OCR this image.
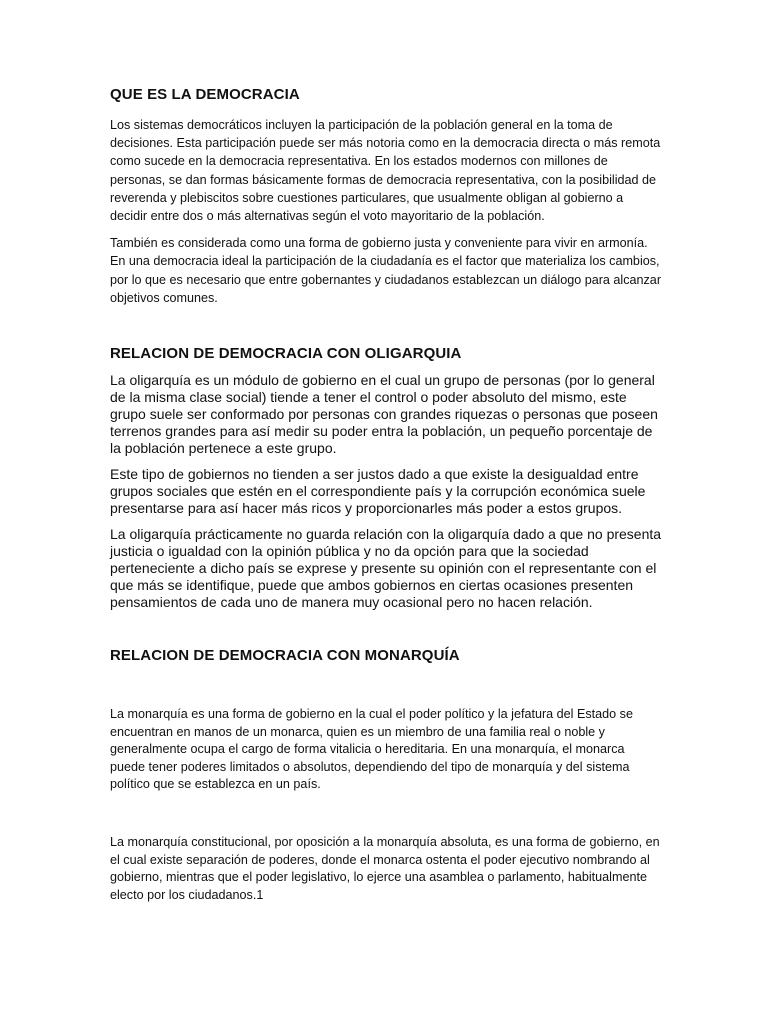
QUE ES LA DEMOCRACIA

Los sistemas democráticos incluyen la participación de la población general en la toma de decisiones. Esta participación puede ser más notoria como en la democracia directa o más remota como sucede en la democracia representativa. En los estados modernos con millones de personas, se dan formas básicamente formas de democracia representativa, con la posibilidad de reverenda y plebiscitos sobre cuestiones particulares, que usualmente obligan al gobierno a decidir entre dos o más alternativas según el voto mayoritario de la población.

También es considerada como una forma de gobierno justa y conveniente para vivir en armonía. En una democracia ideal la participación de la ciudadanía es el factor que materializa los cambios, por lo que es necesario que entre gobernantes y ciudadanos establezcan un diálogo para alcanzar objetivos comunes.

RELACION DE DEMOCRACIA CON OLIGARQUIA

La oligarquía es un módulo de gobierno en el cual un grupo de personas (por lo general de la misma clase social) tiende a tener el control o poder absoluto del mismo, este grupo suele ser conformado por personas con grandes riquezas o personas que poseen terrenos grandes para así medir su poder entra la población, un pequeño porcentaje de la población pertenece a este grupo.

Este tipo de gobiernos no tienden a ser justos dado a que existe la desigualdad entre grupos sociales que estén en el correspondiente país y la corrupción económica suele presentarse para así hacer más ricos y proporcionarles más poder a estos grupos.

La oligarquía prácticamente no guarda relación con la oligarquía dado a que no presenta justicia o igualdad con la opinión pública y no da opción para que la sociedad perteneciente a dicho país se exprese y presente su opinión con el representante con el que más se identifique, puede que ambos gobiernos en ciertas ocasiones presenten pensamientos de cada uno de manera muy ocasional pero no hacen relación.

RELACION DE DEMOCRACIA CON MONARQUÍA

La monarquía es una forma de gobierno en la cual el poder político y la jefatura del Estado se encuentran en manos de un monarca, quien es un miembro de una familia real o noble y generalmente ocupa el cargo de forma vitalicia o hereditaria. En una monarquía, el monarca puede tener poderes limitados o absolutos, dependiendo del tipo de monarquía y del sistema político que se establezca en un país.

La monarquía constitucional, por oposición a la monarquía absoluta, es una forma de gobierno, en el cual existe separación de poderes, donde el monarca ostenta el poder ejecutivo nombrando al gobierno, mientras que el poder legislativo, lo ejerce una asamblea o parlamento, habitualmente electo por los ciudadanos.1
